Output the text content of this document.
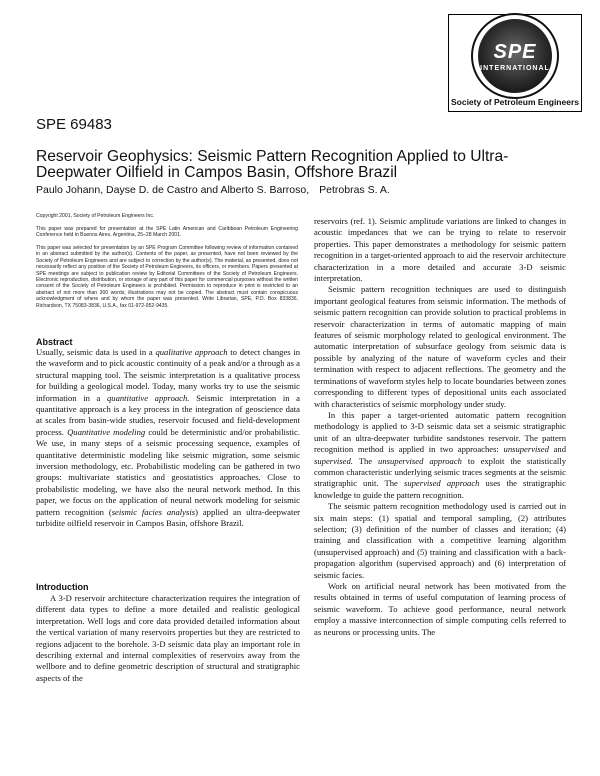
SPE
INTERNATIONAL
Society of Petroleum Engineers
SPE 69483
Reservoir Geophysics: Seismic Pattern Recognition Applied to Ultra-Deepwater Oilfield in Campos Basin, Offshore Brazil
Paulo Johann, Dayse D. de Castro and Alberto S. Barroso, Petrobras S. A.
Copyright 2001, Society of Petroleum Engineers Inc.
This paper was prepared for presentation at the SPE Latin American and Caribbean Petroleum Engineering Conference held in Buenos Aires, Argentina, 25–28 March 2001.
This paper was selected for presentation by an SPE Program Committee following review of information contained in an abstract submitted by the author(s). Contents of the paper, as presented, have not been reviewed by the Society of Petroleum Engineers and are subject to correction by the author(s). The material, as presented, does not necessarily reflect any position of the Society of Petroleum Engineers, its officers, or members. Papers presented at SPE meetings are subject to publication review by Editorial Committees of the Society of Petroleum Engineers. Electronic reproduction, distribution, or storage of any part of this paper for commercial purposes without the written consent of the Society of Petroleum Engineers is prohibited. Permission to reproduce in print is restricted to an abstract of not more than 300 words; illustrations may not be copied. The abstract must contain conspicuous acknowledgment of where and by whom the paper was presented. Write Librarian, SPE, P.O. Box 833836, Richardson, TX 75083-3836, U.S.A., fax 01-972-952-9435.
Abstract

Usually, seismic data is used in a qualitative approach to detect changes in the waveform and to pick acoustic continuity of a peak and/or a through as a structural mapping tool. The seismic interpretation is a qualitative process for building a geological model. Today, many works try to use the seismic information in a quantitative approach. Seismic interpretation in a quantitative approach is a key process in the integration of geoscience data at scales from basin-wide studies, reservoir focused and field-development process. Quantitative modeling could be deterministic and/or probabilistic. We use, in many steps of a seismic processing sequence, examples of quantitative deterministic modeling like seismic migration, some seismic inversion methodology, etc. Probabilistic modeling can be gathered in two groups: multivariate statistics and geostatistics approaches. Close to probabilistic modeling, we have also the neural network method. In this paper, we focus on the application of neural network modeling for seismic pattern recognition (seismic facies analysis) applied an ultra-deepwater turbidite oilfield reservoir in Campos Basin, offshore Brazil.

Introduction

A 3-D reservoir architecture characterization requires the integration of different data types to define a more detailed and realistic geological interpretation. Well logs and core data provided detailed information about the vertical variation of many reservoirs properties but they are restricted to regions adjacent to the borehole. 3-D seismic data play an important role in describing external and internal complexities of reservoirs away from the wellbore and to define geometric description of structural and stratigraphic aspects of the

reservoirs (ref. 1). Seismic amplitude variations are linked to changes in acoustic impedances that we can be trying to relate to reservoir properties. This paper demonstrates a methodology for seismic pattern recognition in a target-oriented approach to aid the reservoir architecture characterization in a more detailed and accurate 3-D seismic interpretation.

Seismic pattern recognition techniques are used to distinguish important geological features from seismic information. The methods of seismic pattern recognition can provide solution to practical problems in reservoir characterization in terms of automatic mapping of main features of seismic morphology related to geological environment. The automatic interpretation of subsurface geology from seismic data is possible by analyzing of the nature of waveform cycles and their termination with respect to adjacent reflections. The geometry and the terminations of waveform styles help to locate boundaries between zones corresponding to different types of depositional units each associated with characteristics of seismic morphology under study.

In this paper a target-oriented automatic pattern recognition methodology is applied to 3-D seismic data set a seismic stratigraphic unit of an ultra-deepwater turbidite sandstones reservoir. The pattern recognition method is applied in two approaches: unsupervised and supervised. The unsupervised approach to exploit the statistically common characteristic underlying seismic traces segments at the seismic stratigraphic unit. The supervised approach uses the stratigraphic knowledge to guide the pattern recognition.

The seismic pattern recognition methodology used is carried out in six main steps: (1) spatial and temporal sampling, (2) attributes selection; (3) definition of the number of classes and iteration; (4) training and classification with a competitive learning algorithm (unsupervised approach) and (5) training and classification with a back-propagation algorithm (supervised approach) and (6) interpretation of seismic facies.

Work on artificial neural network has been motivated from the results obtained in terms of useful computation of learning process of seismic waveform. To achieve good performance, neural network employ a massive interconnection of simple computing cells referred to as neurons or processing units. The
